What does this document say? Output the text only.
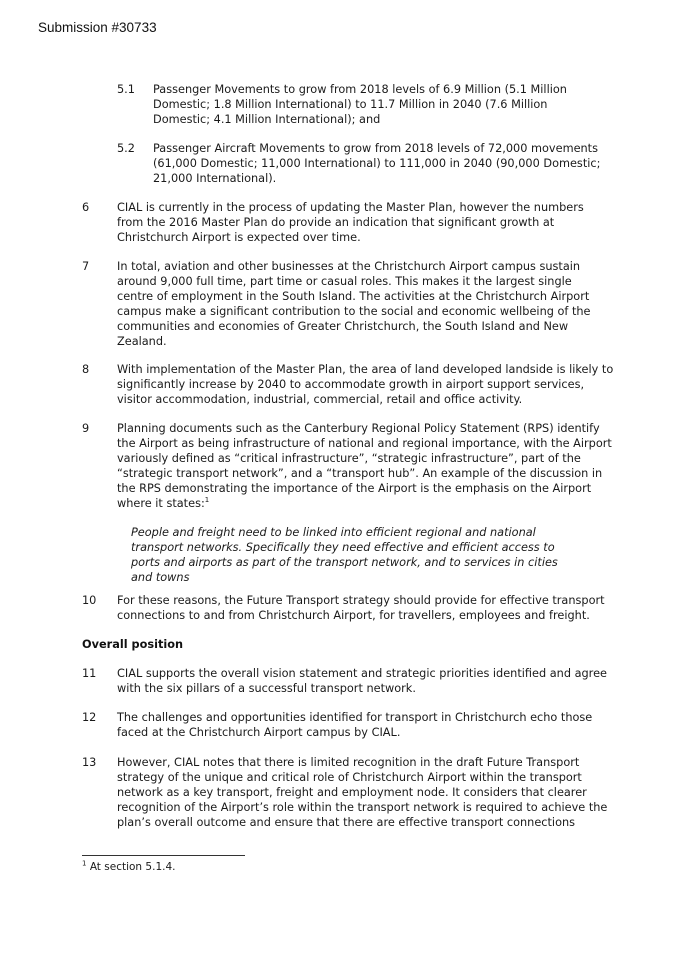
Submission #30733
5.1 Passenger Movements to grow from 2018 levels of 6.9 Million (5.1 Million
Domestic; 1.8 Million International) to 11.7 Million in 2040 (7.6 Million
Domestic; 4.1 Million International); and
5.2 Passenger Aircraft Movements to grow from 2018 levels of 72,000 movements
(61,000 Domestic; 11,000 International) to 111,000 in 2040 (90,000 Domestic;
21,000 International).
6 CIAL is currently in the process of updating the Master Plan, however the numbers
from the 2016 Master Plan do provide an indication that significant growth at
Christchurch Airport is expected over time.
7 In total, aviation and other businesses at the Christchurch Airport campus sustain
around 9,000 full time, part time or casual roles. This makes it the largest single
centre of employment in the South Island. The activities at the Christchurch Airport
campus make a significant contribution to the social and economic wellbeing of the
communities and economies of Greater Christchurch, the South Island and New
Zealand.
8 With implementation of the Master Plan, the area of land developed landside is likely to
significantly increase by 2040 to accommodate growth in airport support services,
visitor accommodation, industrial, commercial, retail and office activity.
9 Planning documents such as the Canterbury Regional Policy Statement (RPS) identify
the Airport as being infrastructure of national and regional importance, with the Airport
variously defined as “critical infrastructure”, “strategic infrastructure”, part of the
“strategic transport network”, and a “transport hub”. An example of the discussion in
the RPS demonstrating the importance of the Airport is the emphasis on the Airport
where it states:$^1$
People and freight need to be linked into efficient regional and national
transport networks. Specifically they need effective and efficient access to
ports and airports as part of the transport network, and to services in cities
and towns
10 For these reasons, the Future Transport strategy should provide for effective transport
connections to and from Christchurch Airport, for travellers, employees and freight.
Overall position
11 CIAL supports the overall vision statement and strategic priorities identified and agree
with the six pillars of a successful transport network.
12 The challenges and opportunities identified for transport in Christchurch echo those
faced at the Christchurch Airport campus by CIAL.
13 However, CIAL notes that there is limited recognition in the draft Future Transport
strategy of the unique and critical role of Christchurch Airport within the transport
network as a key transport, freight and employment node. It considers that clearer
recognition of the Airport’s role within the transport network is required to achieve the
plan’s overall outcome and ensure that there are effective transport connections
$^1$ At section 5.1.4.
